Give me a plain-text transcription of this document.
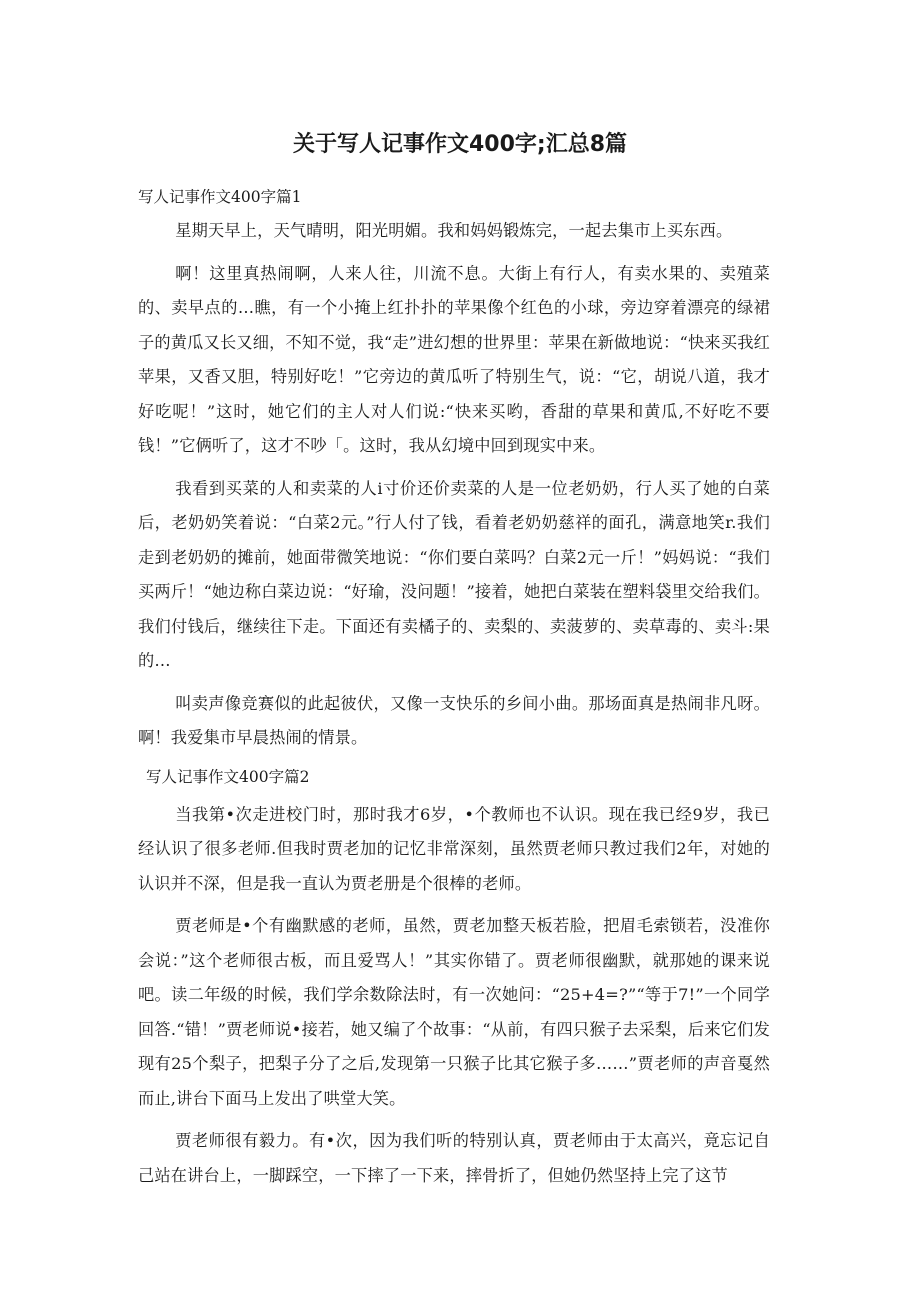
关于写人记事作文400字;汇总8篇

写人记事作文400字篇1

星期天早上，天气晴明，阳光明媚。我和妈妈锻炼完，一起去集市上买东西。

啊！这里真热闹啊，人来人往，川流不息。大街上有行人，有卖水果的、卖殖菜的、卖早点的…瞧，有一个小掩上红扑扑的苹果像个红色的小球，旁边穿着漂亮的绿裙子的黄瓜又长又细，不知不觉，我“走”进幻想的世界里：苹果在新做地说：“快来买我红苹果，又香又胆，特别好吃！”它旁边的黄瓜听了特别生气，说：“它，胡说八道，我才好吃呢！”这时，她它们的主人对人们说:“快来买哟，香甜的草果和黄瓜,不好吃不要钱！”它俩听了，这才不吵「。这时，我从幻境中回到现实中来。

我看到买菜的人和卖菜的人i寸价还价卖菜的人是一位老奶奶，行人买了她的白菜后，老奶奶笑着说：“白菜2元。”行人付了钱，看着老奶奶慈祥的面孔，满意地笑r.我们走到老奶奶的摊前，她面带微笑地说：“你们要白菜吗？白菜2元一斤！”妈妈说：“我们买两斤！“她边称白菜边说：“好瑜，没问题！”接着，她把白菜装在塑料袋里交给我们。我们付钱后，继续往下走。下面还有卖橘子的、卖梨的、卖菠萝的、卖草毒的、卖斗:果的…

叫卖声像竞赛似的此起彼伏，又像一支快乐的乡间小曲。那场面真是热闹非凡呀。啊！我爱集市早晨热闹的情景。

写人记事作文400字篇2

当我第•次走进校门时，那时我才6岁，•个教师也不认识。现在我已经9岁，我已经认识了很多老师.但我时贾老加的记忆非常深刻，虽然贾老师只教过我们2年，对她的认识并不深，但是我一直认为贾老册是个很棒的老师。

贾老师是•个有幽默感的老师，虽然，贾老加整天板若脸，把眉毛索锁若，没准你会说：”这个老师很古板，而且爱骂人！”其实你错了。贾老师很幽默，就那她的课来说吧。读二年级的时候，我们学余数除法时，有一次她问：“25+4=?”“等于7!”一个同学回答.“错！”贾老师说•接若，她又编了个故事：“从前，有四只猴子去采梨，后来它们发现有25个梨子，把梨子分了之后,发现第一只猴子比其它猴子多……”贾老师的声音戛然而止,讲台下面马上发出了哄堂大笑。

贾老师很有毅力。有•次，因为我们听的特别认真，贾老师由于太高兴，竟忘记自己站在讲台上，一脚踩空，一下摔了一下来，摔骨折了，但她仍然坚持上完了这节
